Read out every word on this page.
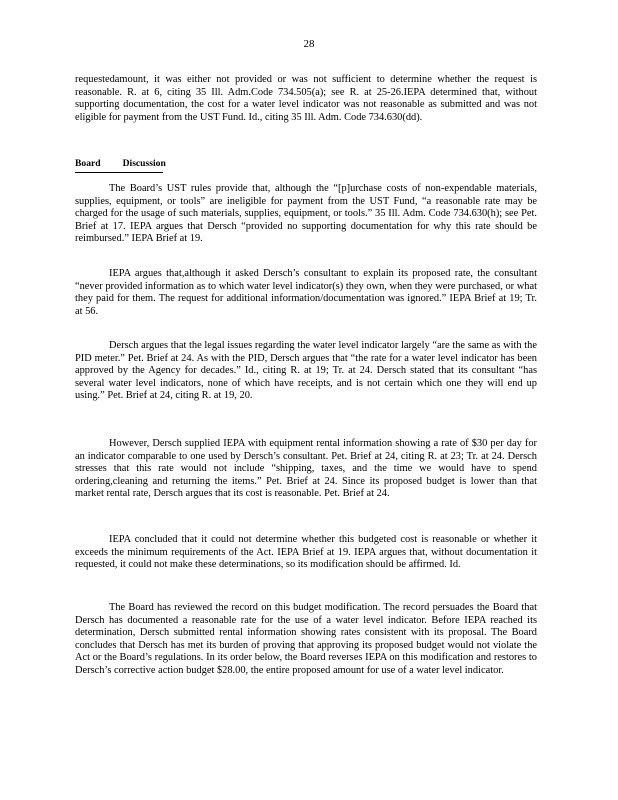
28
requestedamount, it was either not provided or was not sufficient to determine whether the request is reasonable. R. at 6, citing 35 Ill. Adm.Code 734.505(a); see R. at 25-26.IEPA determined that, without supporting documentation, the cost for a water level indicator was not reasonable as submitted and was not eligible for payment from the UST Fund. Id., citing 35 Ill. Adm. Code 734.630(dd).
Board Discussion
The Board’s UST rules provide that, although the “[p]urchase costs of non-expendable materials, supplies, equipment, or tools” are ineligible for payment from the UST Fund, “a reasonable rate may be charged for the usage of such materials, supplies, equipment, or tools.” 35 Ill. Adm. Code 734.630(h); see Pet. Brief at 17. IEPA argues that Dersch “provided no supporting documentation for why this rate should be reimbursed.” IEPA Brief at 19.
IEPA argues that,although it asked Dersch’s consultant to explain its proposed rate, the consultant “never provided information as to which water level indicator(s) they own, when they were purchased, or what they paid for them. The request for additional information/documentation was ignored.” IEPA Brief at 19; Tr. at 56.
Dersch argues that the legal issues regarding the water level indicator largely “are the same as with the PID meter.” Pet. Brief at 24. As with the PID, Dersch argues that “the rate for a water level indicator has been approved by the Agency for decades.” Id., citing R. at 19; Tr. at 24. Dersch stated that its consultant “has several water level indicators, none of which have receipts, and is not certain which one they will end up using.” Pet. Brief at 24, citing R. at 19, 20.
However, Dersch supplied IEPA with equipment rental information showing a rate of $30 per day for an indicator comparable to one used by Dersch’s consultant. Pet. Brief at 24, citing R. at 23; Tr. at 24. Dersch stresses that this rate would not include “shipping, taxes, and the time we would have to spend ordering,cleaning and returning the items.” Pet. Brief at 24. Since its proposed budget is lower than that market rental rate, Dersch argues that its cost is reasonable. Pet. Brief at 24.
IEPA concluded that it could not determine whether this budgeted cost is reasonable or whether it exceeds the minimum requirements of the Act. IEPA Brief at 19. IEPA argues that, without documentation it requested, it could not make these determinations, so its modification should be affirmed. Id.
The Board has reviewed the record on this budget modification. The record persuades the Board that Dersch has documented a reasonable rate for the use of a water level indicator. Before IEPA reached its determination, Dersch submitted rental information showing rates consistent with its proposal. The Board concludes that Dersch has met its burden of proving that approving its proposed budget would not violate the Act or the Board’s regulations. In its order below, the Board reverses IEPA on this modification and restores to Dersch’s corrective action budget $28.00, the entire proposed amount for use of a water level indicator.
